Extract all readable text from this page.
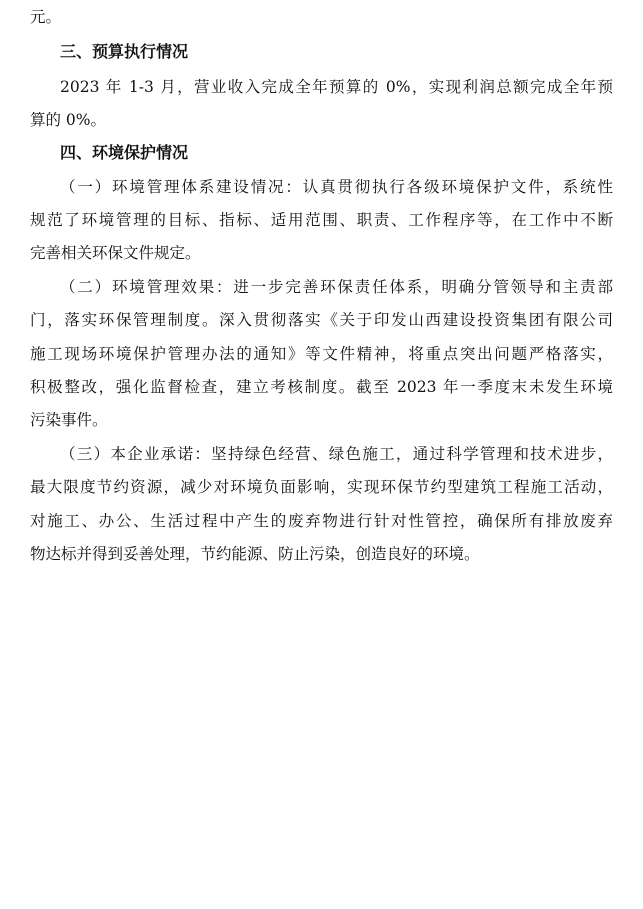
元。
三、预算执行情况
2023 年 1-3 月，营业收入完成全年预算的 0%，实现利润总额完成全年预
算的 0%。
四、环境保护情况
（一）环境管理体系建设情况：认真贯彻执行各级环境保护文件，系统性
规范了环境管理的目标、指标、适用范围、职责、工作程序等，在工作中不断
完善相关环保文件规定。
（二）环境管理效果：进一步完善环保责任体系，明确分管领导和主责部
门，落实环保管理制度。深入贯彻落实《关于印发山西建设投资集团有限公司
施工现场环境保护管理办法的通知》等文件精神，将重点突出问题严格落实，
积极整改，强化监督检查，建立考核制度。截至 2023 年一季度末未发生环境
污染事件。
（三）本企业承诺：坚持绿色经营、绿色施工，通过科学管理和技术进步，
最大限度节约资源，减少对环境负面影响，实现环保节约型建筑工程施工活动，
对施工、办公、生活过程中产生的废弃物进行针对性管控，确保所有排放废弃
物达标并得到妥善处理，节约能源、防止污染，创造良好的环境。
